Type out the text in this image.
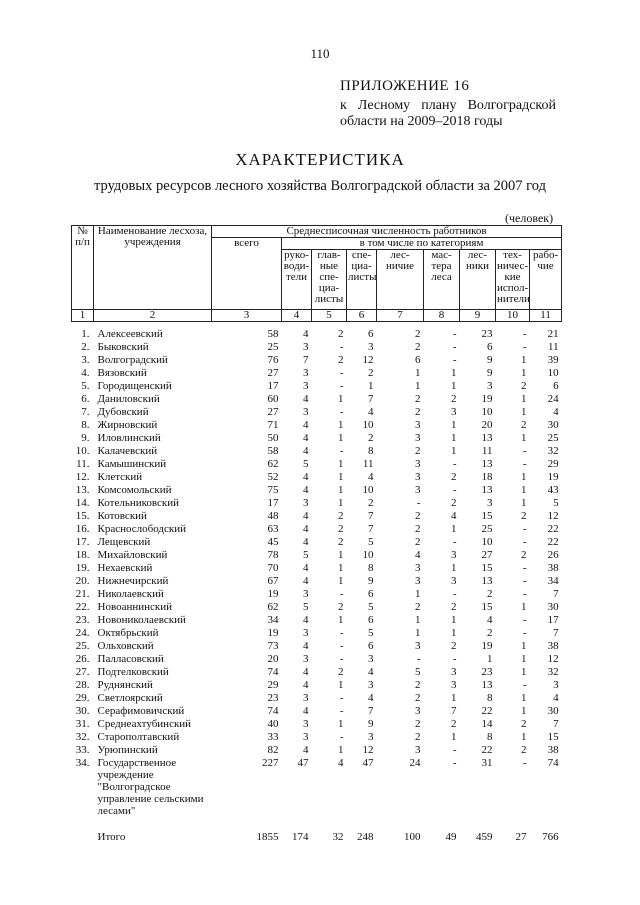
110
ПРИЛОЖЕНИЕ 16
к Лесному плану Волгоградской области на 2009–2018 годы
ХАРАКТЕРИСТИКА
трудовых ресурсов лесного хозяйства Волгоградской области за 2007 год
(человек)
№ п/п	Наименование лесхоза, учреждения	Среднесписочная численность работников								
		всего	в том числе по категориям							
			руко-води-тели	глав-ные спе-циа-листы	спе-циа-листы	лес-ничие	мас-тера леса	лес-ники	тех-ничес-кие испол-нители	рабо-чие
1	2	3	4	5	6	7	8	9	10	11
1.	Алексеевский	58	4	2	6	2	-	23	-	21
2.	Быковский	25	3	-	3	2	-	6	-	11
3.	Волгоградский	76	7	2	12	6	-	9	1	39
4.	Вязовский	27	3	-	2	1	1	9	1	10
5.	Городищенский	17	3	-	1	1	1	3	2	6
6.	Даниловский	60	4	1	7	2	2	19	1	24
7.	Дубовский	27	3	-	4	2	3	10	1	4
8.	Жирновский	71	4	1	10	3	1	20	2	30
9.	Иловлинский	50	4	1	2	3	1	13	1	25
10.	Калачевский	58	4	-	8	2	1	11	-	32
11.	Камышинский	62	5	1	11	3	-	13	-	29
12.	Клетский	52	4	1	4	3	2	18	1	19
13.	Комсомольский	75	4	1	10	3	-	13	1	43
14.	Котельниковский	17	3	1	2	-	2	3	1	5
15.	Котовский	48	4	2	7	2	4	15	2	12
16.	Краснослободский	63	4	2	7	2	1	25	-	22
17.	Лещевский	45	4	2	5	2	-	10	-	22
18.	Михайловский	78	5	1	10	4	3	27	2	26
19.	Нехаевский	70	4	1	8	3	1	15	-	38
20.	Нижнечирский	67	4	1	9	3	3	13	-	34
21.	Николаевский	19	3	-	6	1	-	2	-	7
22.	Новоаннинский	62	5	2	5	2	2	15	1	30
23.	Новониколаевский	34	4	1	6	1	1	4	-	17
24.	Октябрьский	19	3	-	5	1	1	2	-	7
25.	Ольховский	73	4	-	6	3	2	19	1	38
26.	Палласовский	20	3	-	3	-	-	1	1	12
27.	Подтелковский	74	4	2	4	5	3	23	1	32
28.	Руднянский	29	4	1	3	2	3	13	-	3
29.	Светлоярский	23	3	-	4	2	1	8	1	4
30.	Серафимовичский	74	4	-	7	3	7	22	1	30
31.	Среднеахтубинский	40	3	1	9	2	2	14	2	7
32.	Старополтавский	33	3	-	3	2	1	8	1	15
33.	Урюпинский	82	4	1	12	3	-	22	2	38
34.	Государственное учреждение "Волгоградское управление сельскими лесами"	227	47	4	47	24	-	31	-	74
	Итого	1855	174	32	248	100	49	459	27	766
